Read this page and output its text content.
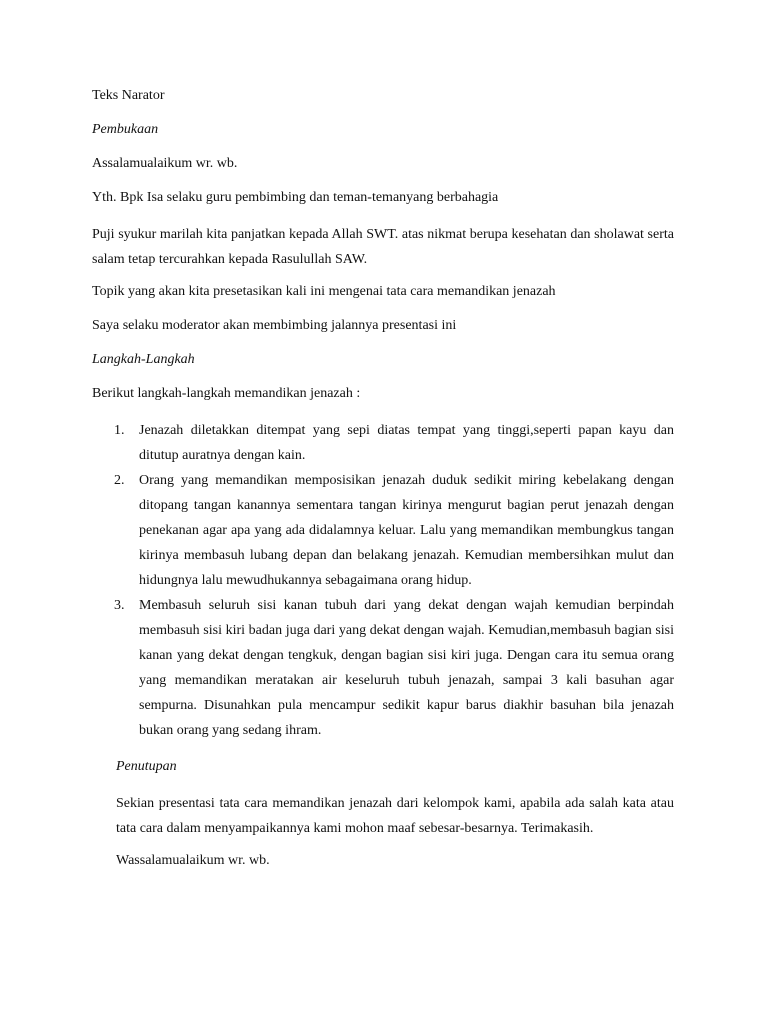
Teks Narator

Pembukaan

Assalamualaikum wr. wb.

Yth. Bpk Isa selaku guru pembimbing dan teman-temanyang berbahagia

Puji syukur marilah kita panjatkan kepada Allah SWT. atas nikmat berupa kesehatan dan sholawat serta salam tetap tercurahkan kepada Rasulullah SAW.

Topik yang akan kita presetasikan kali ini mengenai tata cara memandikan jenazah

Saya selaku moderator akan membimbing jalannya presentasi ini

Langkah-Langkah

Berikut langkah-langkah memandikan jenazah :

1. Jenazah diletakkan ditempat yang sepi diatas tempat yang tinggi,seperti papan kayu dan ditutup auratnya dengan kain.
2. Orang yang memandikan memposisikan jenazah duduk sedikit miring kebelakang dengan ditopang tangan kanannya sementara tangan kirinya mengurut bagian perut jenazah dengan penekanan agar apa yang ada didalamnya keluar. Lalu yang memandikan membungkus tangan kirinya membasuh lubang depan dan belakang jenazah. Kemudian membersihkan mulut dan hidungnya lalu mewudhukannya sebagaimana orang hidup.
3. Membasuh seluruh sisi kanan tubuh dari yang dekat dengan wajah kemudian berpindah membasuh sisi kiri badan juga dari yang dekat dengan wajah. Kemudian,membasuh bagian sisi kanan yang dekat dengan tengkuk, dengan bagian sisi kiri juga. Dengan cara itu semua orang yang memandikan meratakan air keseluruh tubuh jenazah, sampai 3 kali basuhan agar sempurna. Disunahkan pula mencampur sedikit kapur barus diakhir basuhan bila jenazah bukan orang yang sedang ihram.

Penutupan

Sekian presentasi tata cara memandikan jenazah dari kelompok kami, apabila ada salah kata atau tata cara dalam menyampaikannya kami mohon maaf sebesar-besarnya. Terimakasih.

Wassalamualaikum wr. wb.
